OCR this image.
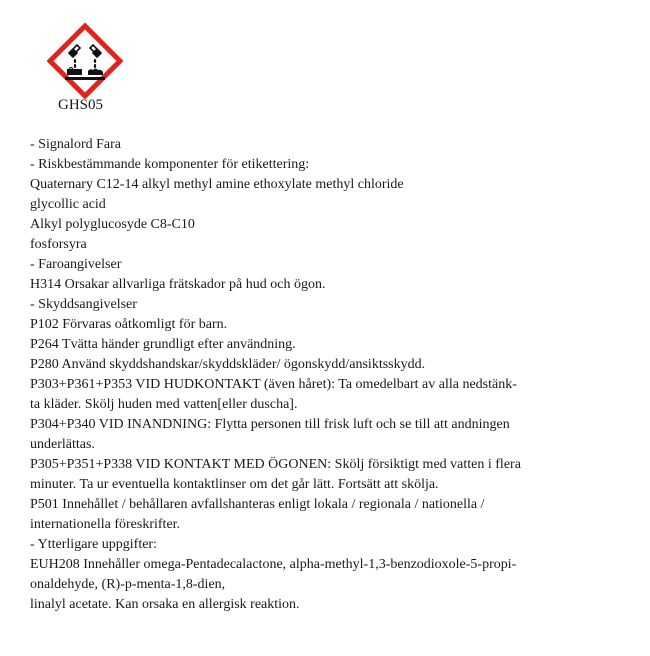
GHS05
- Signalord Fara
- Riskbestämmande komponenter för etikettering:
Quaternary C12-14 alkyl methyl amine ethoxylate methyl chloride
glycollic acid
Alkyl polyglucosyde C8-C10
fosforsyra
- Faroangivelser
H314 Orsakar allvarliga frätskador på hud och ögon.
- Skyddsangivelser
P102 Förvaras oåtkomligt för barn.
P264 Tvätta händer grundligt efter användning.
P280 Använd skyddshandskar/skyddskläder/ ögonskydd/ansiktsskydd.
P303+P361+P353 VID HUDKONTAKT (även håret): Ta omedelbart av alla nedstänk-
ta kläder. Skölj huden med vatten[eller duscha].
P304+P340 VID INANDNING: Flytta personen till frisk luft och se till att andningen
underlättas.
P305+P351+P338 VID KONTAKT MED ÖGONEN: Skölj försiktigt med vatten i flera
minuter. Ta ur eventuella kontaktlinser om det går lätt. Fortsätt att skölja.
P501 Innehållet / behållaren avfallshanteras enligt lokala / regionala / nationella /
internationella föreskrifter.
- Ytterligare uppgifter:
EUH208 Innehåller omega-Pentadecalactone, alpha-methyl-1,3-benzodioxole-5-propi-
onaldehyde, (R)-p-menta-1,8-dien,
linalyl acetate. Kan orsaka en allergisk reaktion.
